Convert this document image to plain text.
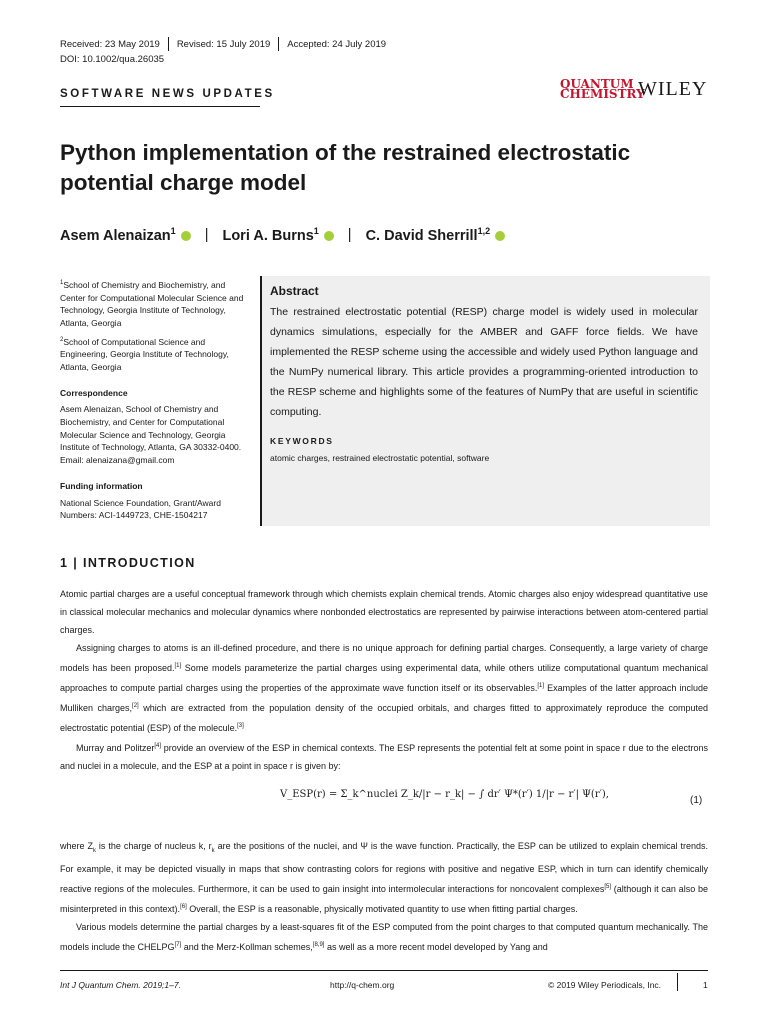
Received: 23 May 2019 Revised: 15 July 2019 Accepted: 24 July 2019
DOI: 10.1002/qua.26035
SOFTWARE NEWS UPDATES
QUANTUM
CHEMISTRY
WILEY
Python implementation of the restrained electrostatic potential charge model
Asem Alenaizan$^1$ | Lori A. Burns$^1$ | C. David Sherrill$^{1,2}$

$^1$School of Chemistry and Biochemistry, and Center for Computational Molecular Science and Technology, Georgia Institute of Technology, Atlanta, Georgia

$^2$School of Computational Science and Engineering, Georgia Institute of Technology, Atlanta, Georgia

Correspondence

Asem Alenaizan, School of Chemistry and Biochemistry, and Center for Computational Molecular Science and Technology, Georgia Institute of Technology, Atlanta, GA 30332-0400.
Email: alenaizana@gmail.com

Funding information

National Science Foundation, Grant/Award Numbers: ACI-1449723, CHE-1504217

Abstract
The restrained electrostatic potential (RESP) charge model is widely used in molecular dynamics simulations, especially for the AMBER and GAFF force fields. We have implemented the RESP scheme using the accessible and widely used Python language and the NumPy numerical library. This article provides a programming-oriented introduction to the RESP scheme and highlights some of the features of NumPy that are useful in scientific computing.
KEYWORDS
atomic charges, restrained electrostatic potential, software
1 | INTRODUCTION

Atomic partial charges are a useful conceptual framework through which chemists explain chemical trends. Atomic charges also enjoy widespread quantitative use in classical molecular mechanics and molecular dynamics where nonbonded electrostatics are represented by pairwise interactions between atom-centered partial charges.

Assigning charges to atoms is an ill-defined procedure, and there is no unique approach for defining partial charges. Consequently, a large variety of charge models has been proposed.[1] Some models parameterize the partial charges using experimental data, while others utilize computational quantum mechanical approaches to compute partial charges using the properties of the approximate wave function itself or its observables.[1] Examples of the latter approach include Mulliken charges,[2] which are extracted from the population density of the occupied orbitals, and charges fitted to approximately reproduce the computed electrostatic potential (ESP) of the molecule.[3]

Murray and Politzer[4] provide an overview of the ESP in chemical contexts. The ESP represents the potential felt at some point in space r due to the electrons and nuclei in a molecule, and the ESP at a point in space r is given by:

V_ESP(r) = Σ_k^nuclei Z_k/|r − r_k| − ∫ dr′ Ψ*(r′) 1/|r − r′| Ψ(r′),
(1)

where $Z_k$ is the charge of nucleus k, $r_k$ are the positions of the nuclei, and Ψ is the wave function. Practically, the ESP can be utilized to explain chemical trends. For example, it may be depicted visually in maps that show contrasting colors for regions with positive and negative ESP, which in turn can identify chemically reactive regions of the molecules. Furthermore, it can be used to gain insight into intermolecular interactions for noncovalent complexes[5] (although it can also be misinterpreted in this context).[6] Overall, the ESP is a reasonable, physically motivated quantity to use when fitting partial charges.

Various models determine the partial charges by a least-squares fit of the ESP computed from the point charges to that computed quantum mechanically. The models include the CHELPG[7] and the Merz-Kollman schemes,[8,9] as well as a more recent model developed by Yang and

Int J Quantum Chem. 2019;1–7.	http://q-chem.org	© 2019 Wiley Periodicals, Inc.	1
